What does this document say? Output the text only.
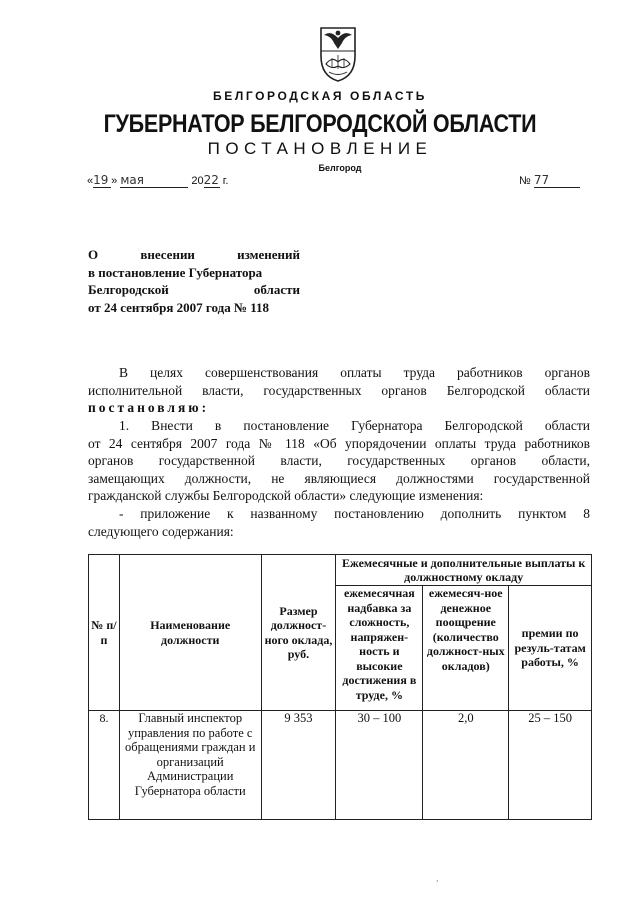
БЕЛГОРОДСКАЯ ОБЛАСТЬ
ГУБЕРНАТОР БЕЛГОРОДСКОЙ ОБЛАСТИ
ПОСТАНОВЛЕНИЕ
Белгород
«19 » мая	2022 г.	№ 77
О	внесении	изменений
в постановление Губернатора
Белгородской	области
от 24 сентября 2007 года № 118
В целях совершенствования оплаты труда работников органов
исполнительной власти, государственных органов Белгородской области
постановляю:
1. Внести в постановление Губернатора Белгородской области
от 24 сентября 2007 года № 118 «Об упорядочении оплаты труда работников
органов государственной власти, государственных органов области,
замещающих должности, не являющиеся должностями государственной
гражданской службы Белгородской области» следующие изменения:
- приложение к названному постановлению дополнить пунктом 8
следующего содержания:
№ п/п	Наименование должности	Размер должност-ного оклада, руб.	Ежемесячные и дополнительные выплаты к должностному окладу		
			ежемесячная надбавка за сложность, напряжен-ность и высокие достижения в труде, %	ежемесяч-ное денежное поощрение (количество должност-ных окладов)	премии по резуль-татам работы, %
8.	Главный инспектор управления по работе с обращениями граждан и организаций Администрации Губернатора области	9 353	30 – 100	2,0	25 – 150
,
